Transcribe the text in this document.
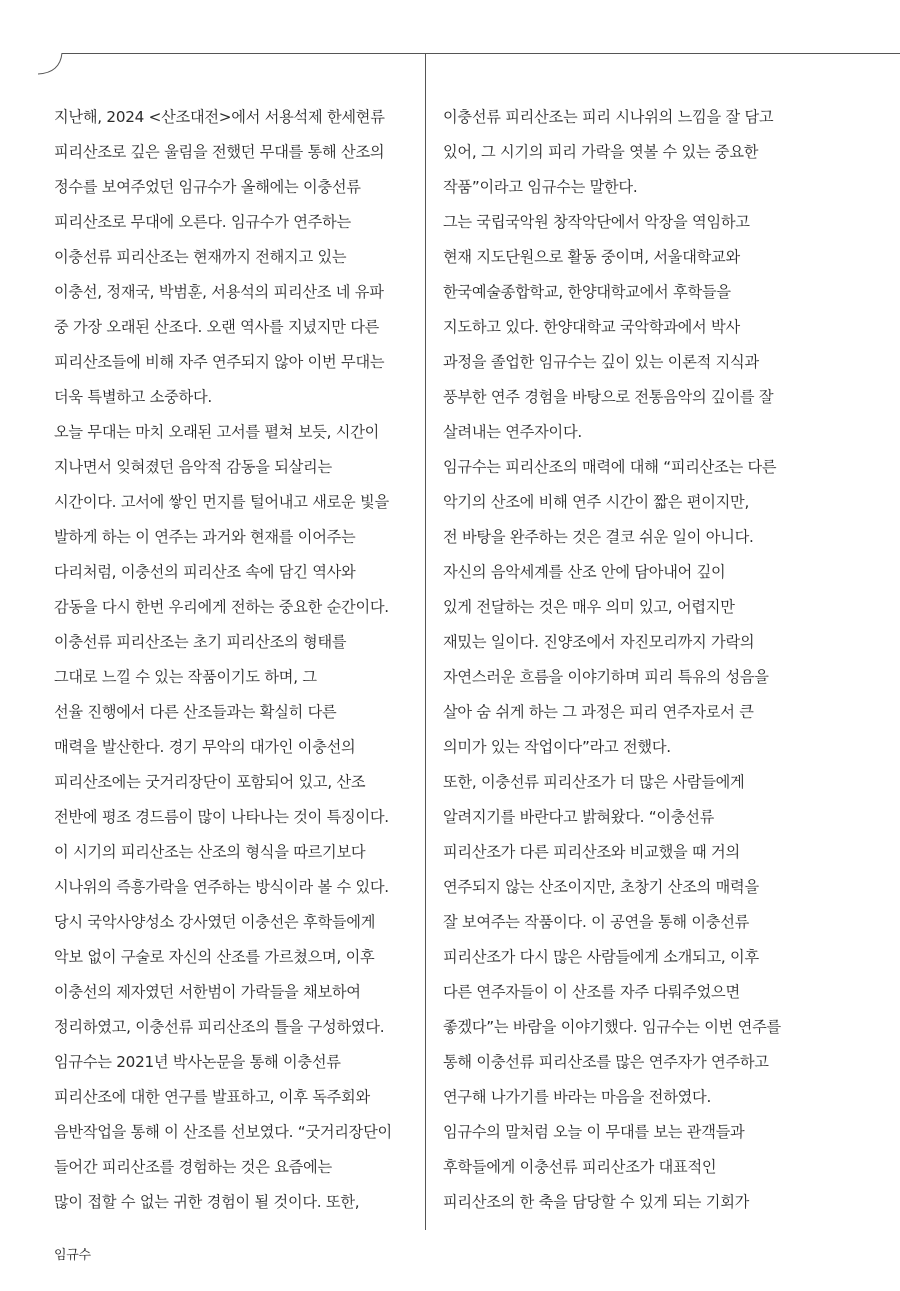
지난해, 2024 <산조대전>에서 서용석제 한세현류
피리산조로 깊은 울림을 전했던 무대를 통해 산조의
정수를 보여주었던 임규수가 올해에는 이충선류
피리산조로 무대에 오른다. 임규수가 연주하는
이충선류 피리산조는 현재까지 전해지고 있는
이충선, 정재국, 박범훈, 서용석의 피리산조 네 유파
중 가장 오래된 산조다. 오랜 역사를 지녔지만 다른
피리산조들에 비해 자주 연주되지 않아 이번 무대는
더욱 특별하고 소중하다.
오늘 무대는 마치 오래된 고서를 펼쳐 보듯, 시간이
지나면서 잊혀졌던 음악적 감동을 되살리는
시간이다. 고서에 쌓인 먼지를 털어내고 새로운 빛을
발하게 하는 이 연주는 과거와 현재를 이어주는
다리처럼, 이충선의 피리산조 속에 담긴 역사와
감동을 다시 한번 우리에게 전하는 중요한 순간이다.
이충선류 피리산조는 초기 피리산조의 형태를
그대로 느낄 수 있는 작품이기도 하며, 그
선율 진행에서 다른 산조들과는 확실히 다른
매력을 발산한다. 경기 무악의 대가인 이충선의
피리산조에는 굿거리장단이 포함되어 있고, 산조
전반에 평조 경드름이 많이 나타나는 것이 특징이다.
이 시기의 피리산조는 산조의 형식을 따르기보다
시나위의 즉흥가락을 연주하는 방식이라 볼 수 있다.
당시 국악사양성소 강사였던 이충선은 후학들에게
악보 없이 구술로 자신의 산조를 가르쳤으며, 이후
이충선의 제자였던 서한범이 가락들을 채보하여
정리하였고, 이충선류 피리산조의 틀을 구성하였다.
임규수는 2021년 박사논문을 통해 이충선류
피리산조에 대한 연구를 발표하고, 이후 독주회와
음반작업을 통해 이 산조를 선보였다. “굿거리장단이
들어간 피리산조를 경험하는 것은 요즘에는
많이 접할 수 없는 귀한 경험이 될 것이다. 또한,
이충선류 피리산조는 피리 시나위의 느낌을 잘 담고
있어, 그 시기의 피리 가락을 엿볼 수 있는 중요한
작품”이라고 임규수는 말한다.
그는 국립국악원 창작악단에서 악장을 역임하고
현재 지도단원으로 활동 중이며, 서울대학교와
한국예술종합학교, 한양대학교에서 후학들을
지도하고 있다. 한양대학교 국악학과에서 박사
과정을 졸업한 임규수는 깊이 있는 이론적 지식과
풍부한 연주 경험을 바탕으로 전통음악의 깊이를 잘
살려내는 연주자이다.
임규수는 피리산조의 매력에 대해 “피리산조는 다른
악기의 산조에 비해 연주 시간이 짧은 편이지만,
전 바탕을 완주하는 것은 결코 쉬운 일이 아니다.
자신의 음악세계를 산조 안에 담아내어 깊이
있게 전달하는 것은 매우 의미 있고, 어렵지만
재밌는 일이다. 진양조에서 자진모리까지 가락의
자연스러운 흐름을 이야기하며 피리 특유의 성음을
살아 숨 쉬게 하는 그 과정은 피리 연주자로서 큰
의미가 있는 작업이다”라고 전했다.
또한, 이충선류 피리산조가 더 많은 사람들에게
알려지기를 바란다고 밝혀왔다. “이충선류
피리산조가 다른 피리산조와 비교했을 때 거의
연주되지 않는 산조이지만, 초창기 산조의 매력을
잘 보여주는 작품이다. 이 공연을 통해 이충선류
피리산조가 다시 많은 사람들에게 소개되고, 이후
다른 연주자들이 이 산조를 자주 다뤄주었으면
좋겠다”는 바람을 이야기했다. 임규수는 이번 연주를
통해 이충선류 피리산조를 많은 연주자가 연주하고
연구해 나가기를 바라는 마음을 전하였다.
임규수의 말처럼 오늘 이 무대를 보는 관객들과
후학들에게 이충선류 피리산조가 대표적인
피리산조의 한 축을 담당할 수 있게 되는 기회가
임규수
